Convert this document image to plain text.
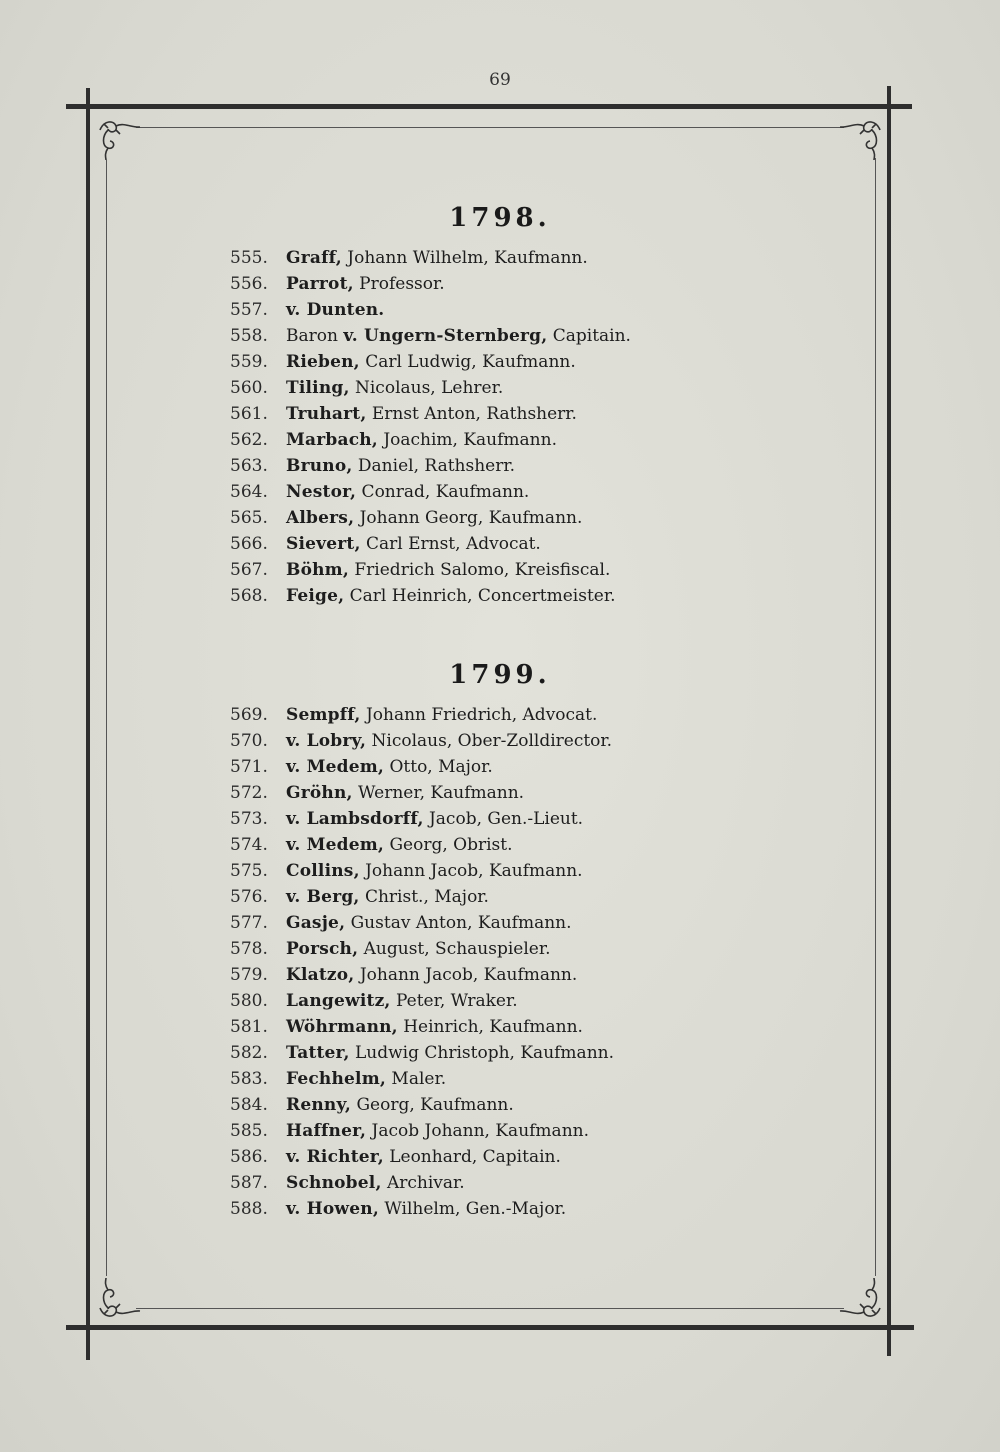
69
1798.
555.	Graff, Johann Wilhelm, Kaufmann.
556.	Parrot, Professor.
557.	v. Dunten.
558.	Baron v. Ungern-Sternberg, Capitain.
559.	Rieben, Carl Ludwig, Kaufmann.
560.	Tiling, Nicolaus, Lehrer.
561.	Truhart, Ernst Anton, Rathsherr.
562.	Marbach, Joachim, Kaufmann.
563.	Bruno, Daniel, Rathsherr.
564.	Nestor, Conrad, Kaufmann.
565.	Albers, Johann Georg, Kaufmann.
566.	Sievert, Carl Ernst, Advocat.
567.	Böhm, Friedrich Salomo, Kreisfiscal.
568.	Feige, Carl Heinrich, Concertmeister.
1799.
569.	Sempff, Johann Friedrich, Advocat.
570.	v. Lobry, Nicolaus, Ober-Zolldirector.
571.	v. Medem, Otto, Major.
572.	Gröhn, Werner, Kaufmann.
573.	v. Lambsdorff, Jacob, Gen.-Lieut.
574.	v. Medem, Georg, Obrist.
575.	Collins, Johann Jacob, Kaufmann.
576.	v. Berg, Christ., Major.
577.	Gasje, Gustav Anton, Kaufmann.
578.	Porsch, August, Schauspieler.
579.	Klatzo, Johann Jacob, Kaufmann.
580.	Langewitz, Peter, Wraker.
581.	Wöhrmann, Heinrich, Kaufmann.
582.	Tatter, Ludwig Christoph, Kaufmann.
583.	Fechhelm, Maler.
584.	Renny, Georg, Kaufmann.
585.	Haffner, Jacob Johann, Kaufmann.
586.	v. Richter, Leonhard, Capitain.
587.	Schnobel, Archivar.
588.	v. Howen, Wilhelm, Gen.-Major.
